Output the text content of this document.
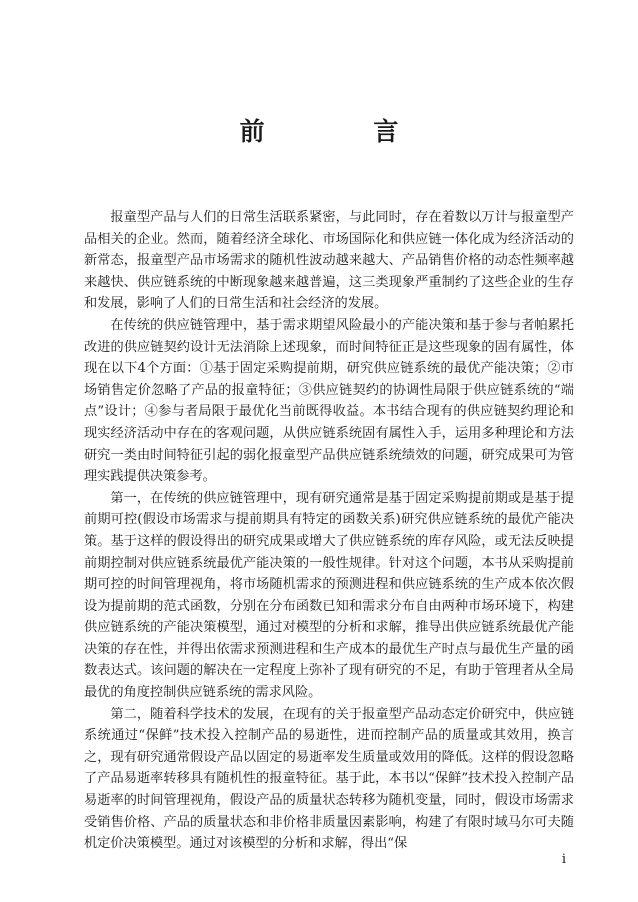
前 言

报童型产品与人们的日常生活联系紧密，与此同时，存在着数以万计与报童型产品相关的企业。然而，随着经济全球化、市场国际化和供应链一体化成为经济活动的新常态，报童型产品市场需求的随机性波动越来越大、产品销售价格的动态性频率越来越快、供应链系统的中断现象越来越普遍，这三类现象严重制约了这些企业的生存和发展，影响了人们的日常生活和社会经济的发展。

在传统的供应链管理中，基于需求期望风险最小的产能决策和基于参与者帕累托改进的供应链契约设计无法消除上述现象，而时间特征正是这些现象的固有属性，体现在以下4个方面：①基于固定采购提前期，研究供应链系统的最优产能决策；②市场销售定价忽略了产品的报童特征；③供应链契约的协调性局限于供应链系统的“端点”设计；④参与者局限于最优化当前既得收益。本书结合现有的供应链契约理论和现实经济活动中存在的客观问题，从供应链系统固有属性入手，运用多种理论和方法研究一类由时间特征引起的弱化报童型产品供应链系统绩效的问题，研究成果可为管理实践提供决策参考。

第一，在传统的供应链管理中，现有研究通常是基于固定采购提前期或是基于提前期可控(假设市场需求与提前期具有特定的函数关系)研究供应链系统的最优产能决策。基于这样的假设得出的研究成果或增大了供应链系统的库存风险，或无法反映提前期控制对供应链系统最优产能决策的一般性规律。针对这个问题，本书从采购提前期可控的时间管理视角，将市场随机需求的预测进程和供应链系统的生产成本依次假设为提前期的范式函数，分别在分布函数已知和需求分布自由两种市场环境下，构建供应链系统的产能决策模型，通过对模型的分析和求解，推导出供应链系统最优产能决策的存在性，并得出依需求预测进程和生产成本的最优生产时点与最优生产量的函数表达式。该问题的解决在一定程度上弥补了现有研究的不足，有助于管理者从全局最优的角度控制供应链系统的需求风险。

第二，随着科学技术的发展，在现有的关于报童型产品动态定价研究中，供应链系统通过“保鲜”技术投入控制产品的易逝性，进而控制产品的质量或其效用，换言之，现有研究通常假设产品以固定的易逝率发生质量或效用的降低。这样的假设忽略了产品易逝率转移具有随机性的报童特征。基于此，本书以“保鲜”技术投入控制产品易逝率的时间管理视角，假设产品的质量状态转移为随机变量，同时，假设市场需求受销售价格、产品的质量状态和非价格非质量因素影响，构建了有限时域马尔可夫随机定价决策模型。通过对该模型的分析和求解，得出“保

i
